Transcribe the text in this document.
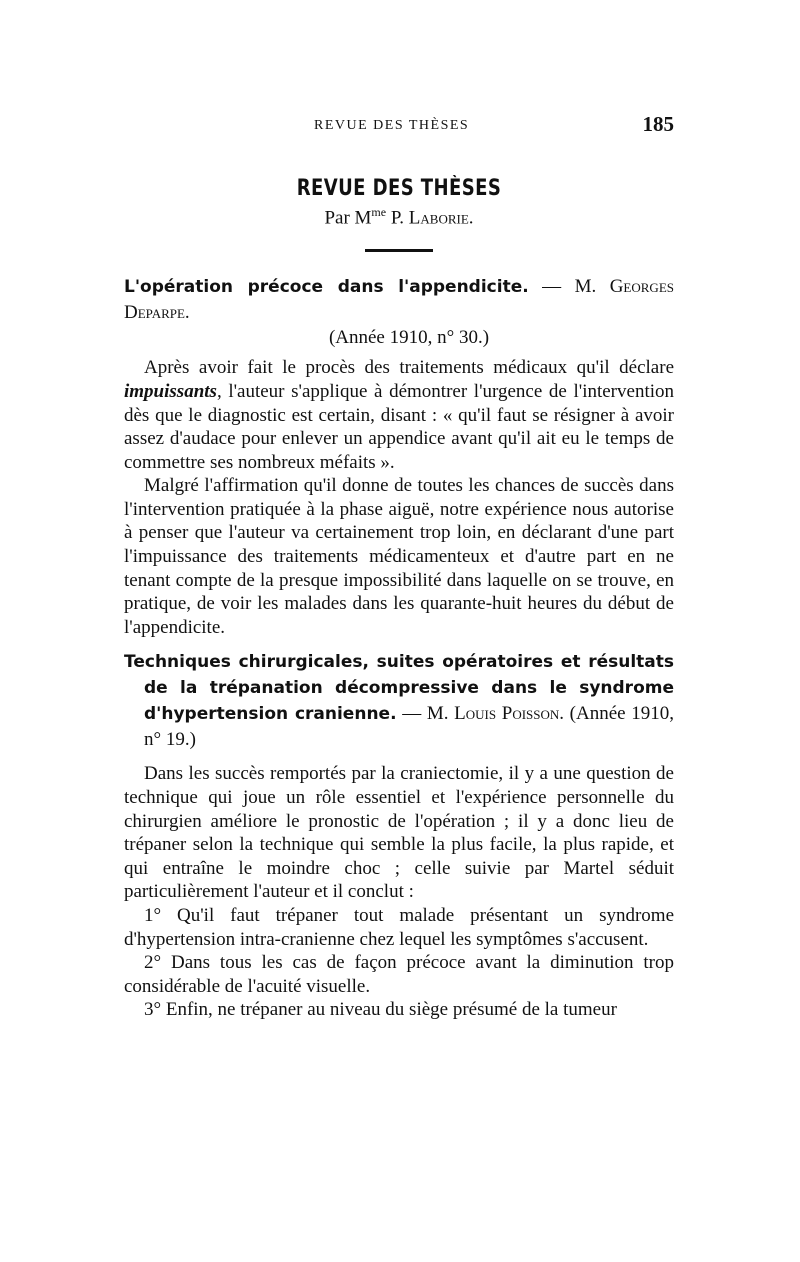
REVUE DES THÈSES	185
REVUE DES THÈSES
Par $M^{me}$ P. Laborie.
L'opération précoce dans l'appendicite. — M. Georges Deparpe.
(Année 1910, n° 30.)

Après avoir fait le procès des traitements médicaux qu'il déclare impuissants, l'auteur s'applique à démontrer l'urgence de l'intervention dès que le diagnostic est certain, disant : « qu'il faut se résigner à avoir assez d'audace pour enlever un appendice avant qu'il ait eu le temps de commettre ses nombreux méfaits ».

Malgré l'affirmation qu'il donne de toutes les chances de succès dans l'intervention pratiquée à la phase aiguë, notre expérience nous autorise à penser que l'auteur va certainement trop loin, en déclarant d'une part l'impuissance des traitements médicamenteux et d'autre part en ne tenant compte de la presque impossibilité dans laquelle on se trouve, en pratique, de voir les malades dans les quarante-huit heures du début de l'appendicite.

Techniques chirurgicales, suites opératoires et résultats de la trépanation décompressive dans le syndrome d'hypertension cranienne. — M. Louis Poisson. (Année 1910, n° 19.)

Dans les succès remportés par la craniectomie, il y a une question de technique qui joue un rôle essentiel et l'expérience personnelle du chirurgien améliore le pronostic de l'opération ; il y a donc lieu de trépaner selon la technique qui semble la plus facile, la plus rapide, et qui entraîne le moindre choc ; celle suivie par Martel séduit particulièrement l'auteur et il conclut :

1° Qu'il faut trépaner tout malade présentant un syndrome d'hypertension intra-cranienne chez lequel les symptômes s'accusent.

2° Dans tous les cas de façon précoce avant la diminution trop considérable de l'acuité visuelle.

3° Enfin, ne trépaner au niveau du siège présumé de la tumeur
